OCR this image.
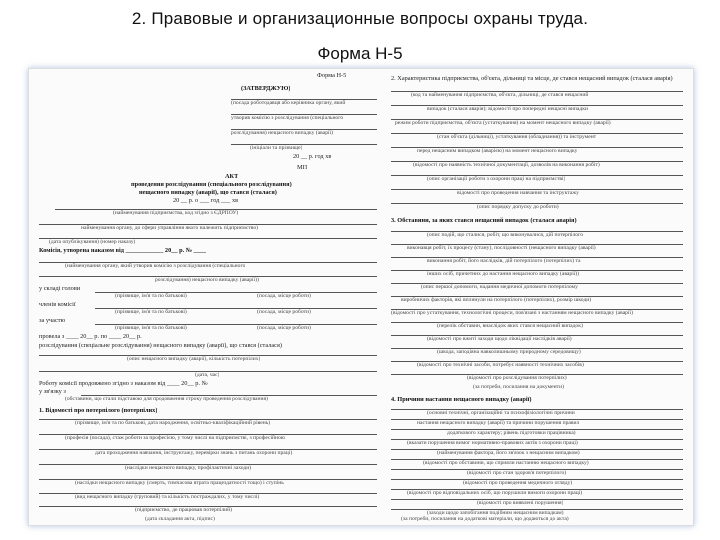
2. Правовые и организационные вопросы охраны труда.
Форма Н-5
Форма Н-5
(ЗАТВЕРДЖУЮ)
(посада роботодавця або керівника органу, який
утворив комісію з розслідування (спеціального
розслідування) нещасного випадку (аварії)
(ініціали та прізвище)
20 __ р. год хв
МП
АКТ
проведення розслідування (спеціального розслідування)
нещасного випадку (аварії), що стався (сталася)
20 __ р. о ___ год ___ хв
(найменування підприємства, код згідно з ЄДРПОУ)
найменування органу, до сфери управління якого належить підприємство)
(дата опублікування) (номер наказу)
Комісія, утворена наказом від ____________ 20__ р. № ____
(найменування органу, який утворив комісію з розслідування (спеціального
розслідування) нещасного випадку (аварії))
у складі голови
(прізвище, ім'я та по батькові)	(посада, місце роботи)
членів комісії
(прізвище, ім'я та по батькові)	(посада, місце роботи)
за участю
(прізвище, ім'я та по батькові)	(посада, місце роботи)
провела з ____ 20__ р. по ____ 20__ р.
розслідування (спеціальне розслідування) нещасного випадку (аварії), що стався (сталася)
(опис нещасного випадку (аварії), кількість потерпілих)
(дата, час)
Роботу комісії продовжено згідно з наказом від ____ 20__ р. №
у зв'язку з
(обставини, що стали підставою для продовження строку проведення розслідування)
1. Відомості про потерпілого (потерпілих)
(прізвище, ім'я та по батькові, дата народження, освітньо-кваліфікаційний рівень)
(професія (посада), стаж роботи за професією, у тому числі на підприємстві, з професійною
дата проходження навчання, інструктажу, перевірки знань з питань охорони праці)
(наслідки нещасного випадку, профілактичні заходи)
(наслідки нещасного випадку (смерть, тимчасова втрата працездатності тощо) і ступінь
(вид нещасного випадку (груповий) та кількість постраждалих, у тому числі)
(підприємство, де працював потерпілий)
(дата складання акта, підпис)
2. Характеристика підприємства, об'єкта, дільниці та місце, де стався нещасний випадок (сталася аварія)
(код та найменування підприємства, об'єкта, дільниці, де стався нещасний
випадок (сталася аварія); відомості про попередні нещасні випадки
режим роботи підприємства, об'єкта (устаткування) на момент нещасного випадку (аварії)
(стан об'єкта (дільниці), устаткування (обладнання)) та інструмент
перед нещасним випадком (аварією) на момент нещасного випадку
(відомості про наявність технічної документації, дозволів на виконання робіт)
(опис організації роботи з охорони праці на підприємстві)
відомості про проведення навчання та інструктажу
(опис порядку допуску до роботи)
3. Обставини, за яких стався нещасний випадок (сталася аварія)
(опис подій, що сталися, робіт, що виконувалися, дій потерпілого
виконавця робіт, їх процесу (стану), послідовності (нещасного випадку (аварії)
виконання робіт, його наслідків, дій потерпілого (потерпілих) та
інших осіб, причетних до настання нещасного випадку (аварії))
(опис першої допомоги, надання медичної допомоги потерпілому
виробничих факторів, які вплинули на потерпілого (потерпілих), розмір шкоди)
(відомості про устаткування, технологічні процеси, пов'язані з настанням нещасного випадку (аварії)
(перелік обставин, внаслідок яких стався нещасний випадок)
(відомості про вжиті заходи щодо ліквідації наслідків аварії)
(шкода, заподіяна навколишньому природному середовищу)
(відомості про технічні засоби, потребує наявності технічних засобів)
(відомості про розслідування потерпілих)
(за потреби, посилання на документи)
4. Причини настання нещасного випадку (аварії)
(основні технічні, організаційні та психофізіологічні причини
настання нещасного випадку (аварії) та причини порушення правил
додаткового характеру; рівень підготовки працівника)
(вказати порушення вимог нормативно-правових актів з охорони праці)
(найменування фактора, його зв'язок з нещасним випадком)
(відомості про обставини, що сприяли настанню нещасного випадку)
(відомості про стан здоров'я потерпілого)
(відомості про проведення медичного огляду)
(відомості про відповідальних осіб, що порушили вимоги охорони праці)
(відомості про виявлені порушення)
(заходи щодо запобігання подібним нещасним випадкам)
(за потреби, посилання на додаткові матеріали, що додаються до акта)
